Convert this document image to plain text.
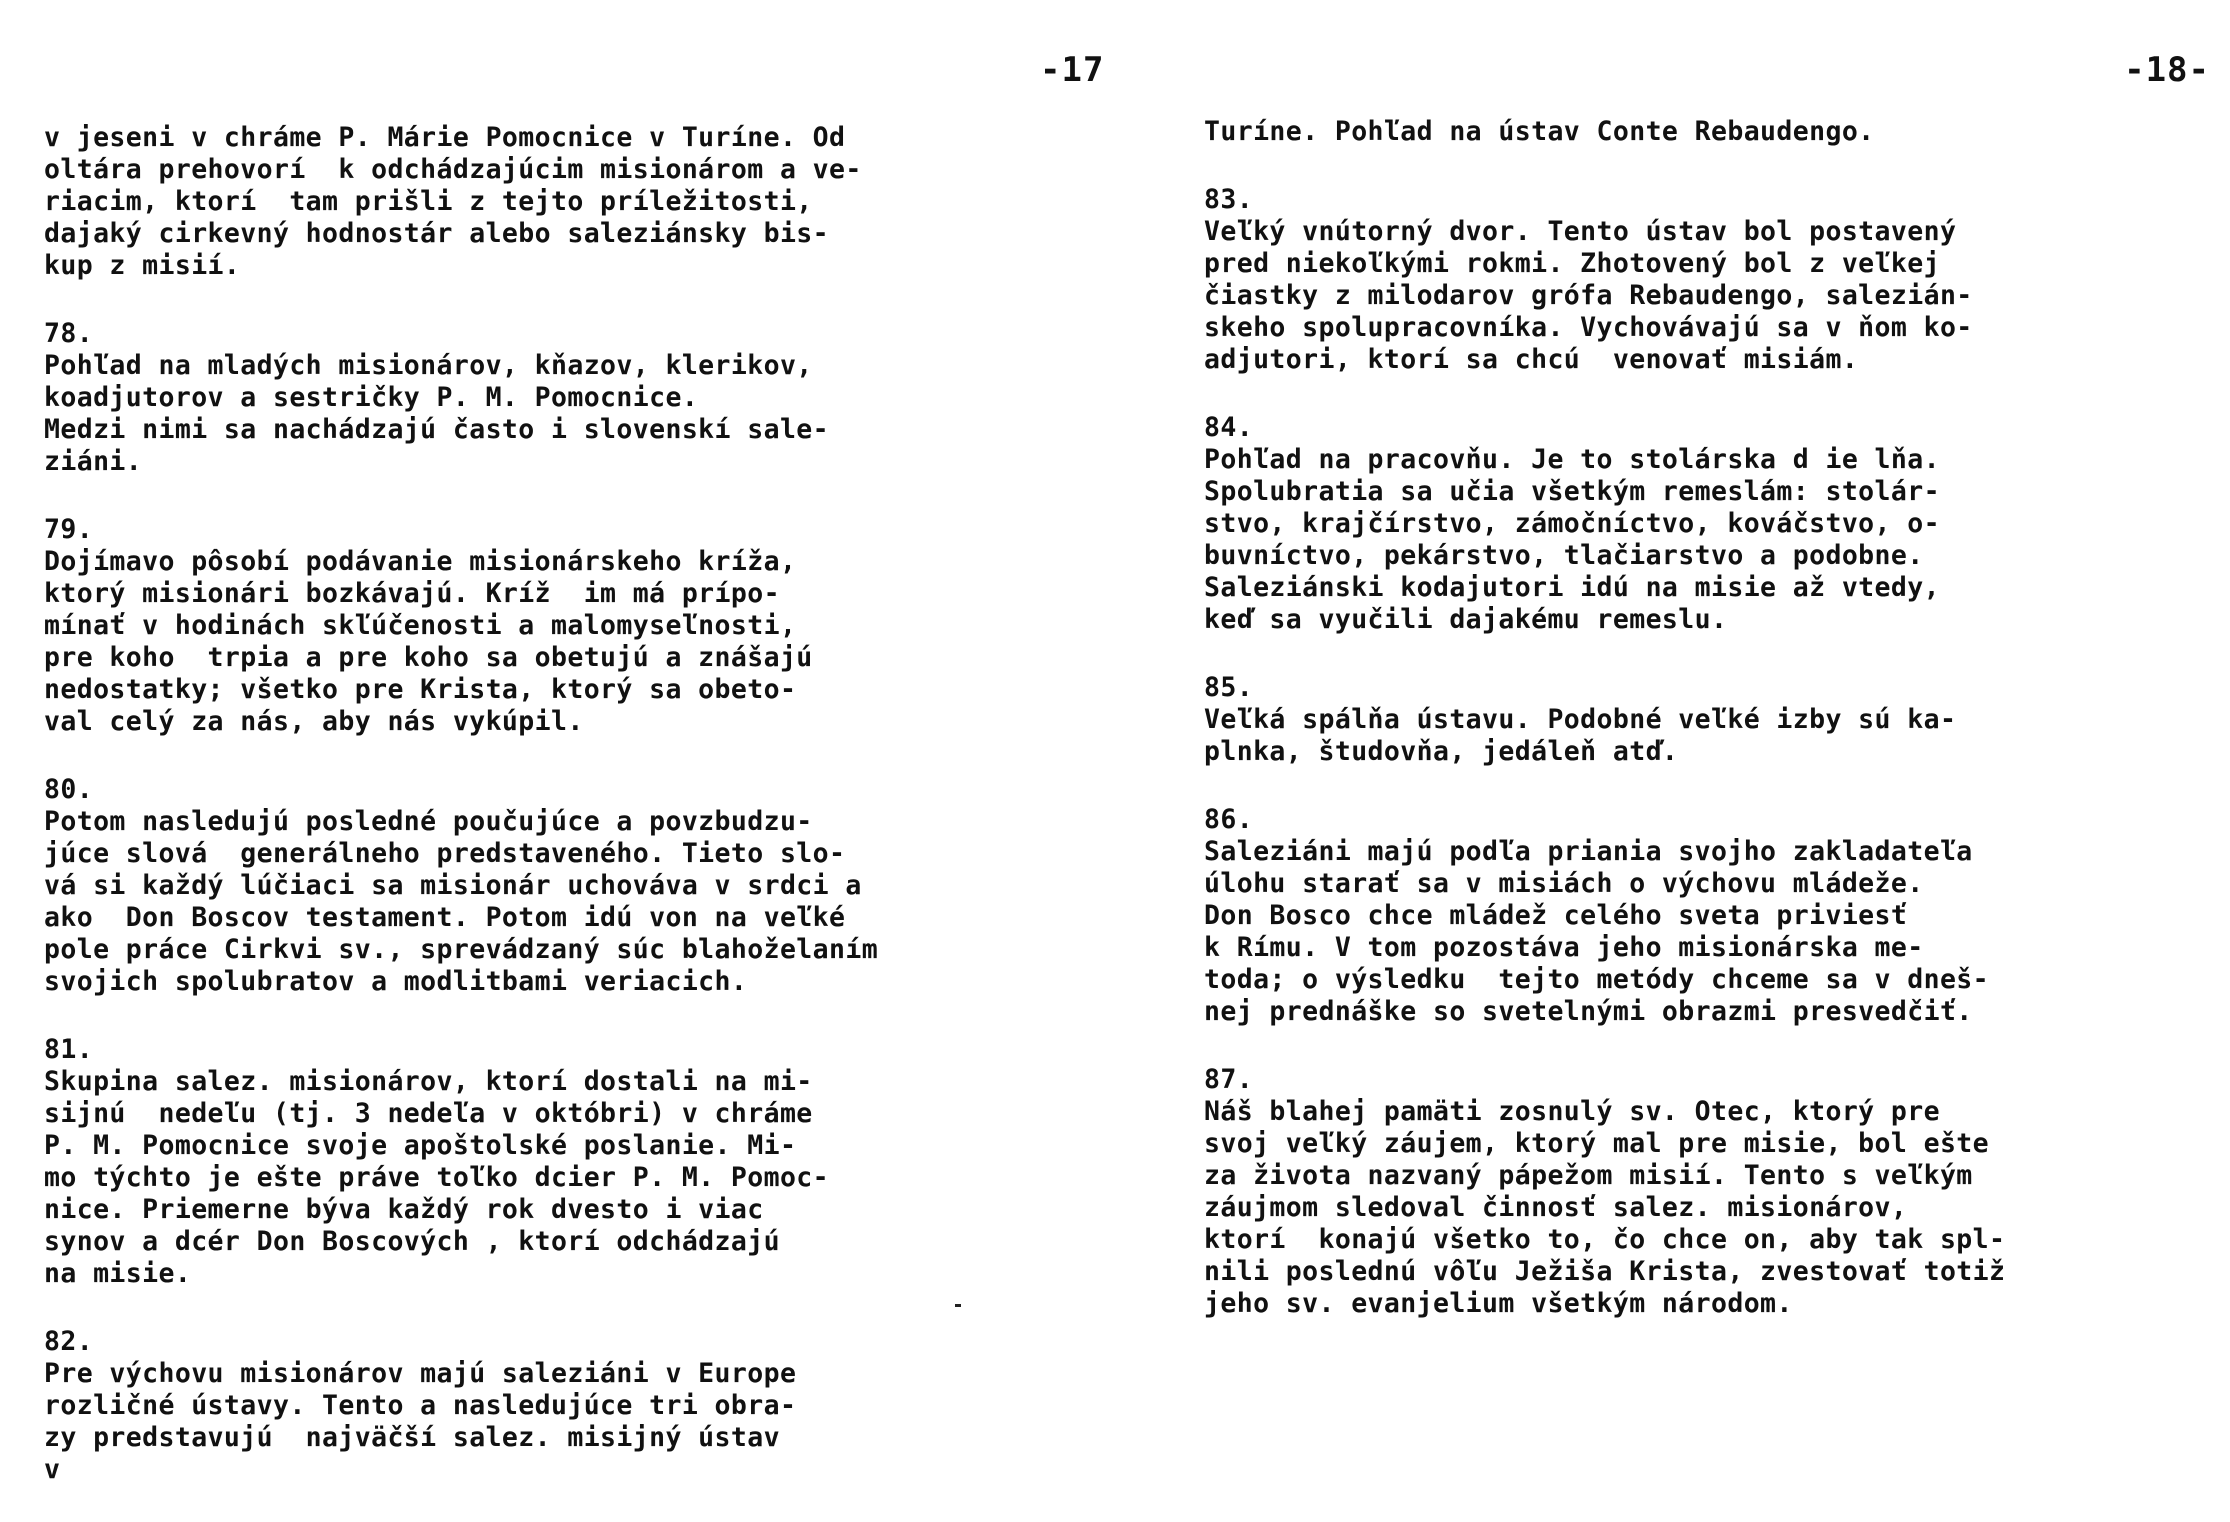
-17
v jeseni v chráme P. Márie Pomocnice v Turíne. Od
oltára prehovorí  k odchádzajúcim misionárom a ve-
riacim, ktorí  tam prišli z tejto príležitosti,
dajaký cirkevný hodnostár alebo saleziánsky bis-
kup z misií.
78.
Pohľad na mladých misionárov, kňazov, klerikov,
koadjutorov a sestričky P. M. Pomocnice.
Medzi nimi sa nachádzajú často i slovenskí sale-
ziáni.
79.
Dojímavo pôsobí podávanie misionárskeho kríža,
ktorý misionári bozkávajú. Kríž  im má prípo-
mínať v hodinách skľúčenosti a malomyseľnosti,
pre koho  trpia a pre koho sa obetujú a znášajú
nedostatky; všetko pre Krista, ktorý sa obeto-
val celý za nás, aby nás vykúpil.
80.
Potom nasledujú posledné poučujúce a povzbudzu-
júce slová  generálneho predstaveného. Tieto slo-
vá si každý lúčiaci sa misionár uchováva v srdci a
ako  Don Boscov testament. Potom idú von na veľké
pole práce Cirkvi sv., sprevádzaný súc blahoželaním
svojich spolubratov a modlitbami veriacich.
81.
Skupina salez. misionárov, ktorí dostali na mi-
sijnú  nedeľu (tj. 3 nedeľa v októbri) v chráme
P. M. Pomocnice svoje apoštolské poslanie. Mi-
mo týchto je ešte práve toľko dcier P. M. Pomoc-
nice. Priemerne býva každý rok dvesto i viac
synov a dcér Don Boscových , ktorí odchádzajú
na misie.
82.
Pre výchovu misionárov majú saleziáni v Europe
rozličné ústavy. Tento a nasledujúce tri obra-
zy predstavujú  najväčší salez. misijný ústav
v
-18-
Turíne. Pohľad na ústav Conte Rebaudengo.
83.
Veľký vnútorný dvor. Tento ústav bol postavený
pred niekoľkými rokmi. Zhotovený bol z veľkej
čiastky z milodarov grófa Rebaudengo, salezián-
skeho spolupracovníka. Vychovávajú sa v ňom ko-
adjutori, ktorí sa chcú  venovať misiám.
84.
Pohľad na pracovňu. Je to stolárska d ie lňa.
Spolubratia sa učia všetkým remeslám: stolár-
stvo, krajčírstvo, zámočníctvo, kováčstvo, o-
buvníctvo, pekárstvo, tlačiarstvo a podobne.
Saleziánski kodajutori idú na misie až vtedy,
keď sa vyučili dajakému remeslu.
85.
Veľká spálňa ústavu. Podobné veľké izby sú ka-
plnka, študovňa, jedáleň atď.
86.
Saleziáni majú podľa priania svojho zakladateľa
úlohu starať sa v misiách o výchovu mládeže.
Don Bosco chce mládež celého sveta priviesť
k Rímu. V tom pozostáva jeho misionárska me-
toda; o výsledku  tejto metódy chceme sa v dneš-
nej prednáške so svetelnými obrazmi presvedčiť.
87.
Náš blahej pamäti zosnulý sv. Otec, ktorý pre
svoj veľký záujem, ktorý mal pre misie, bol ešte
za života nazvaný pápežom misií. Tento s veľkým
záujmom sledoval činnosť salez. misionárov,
ktorí  konajú všetko to, čo chce on, aby tak spl-
nili poslednú vôľu Ježiša Krista, zvestovať totiž
jeho sv. evanjelium všetkým národom.
